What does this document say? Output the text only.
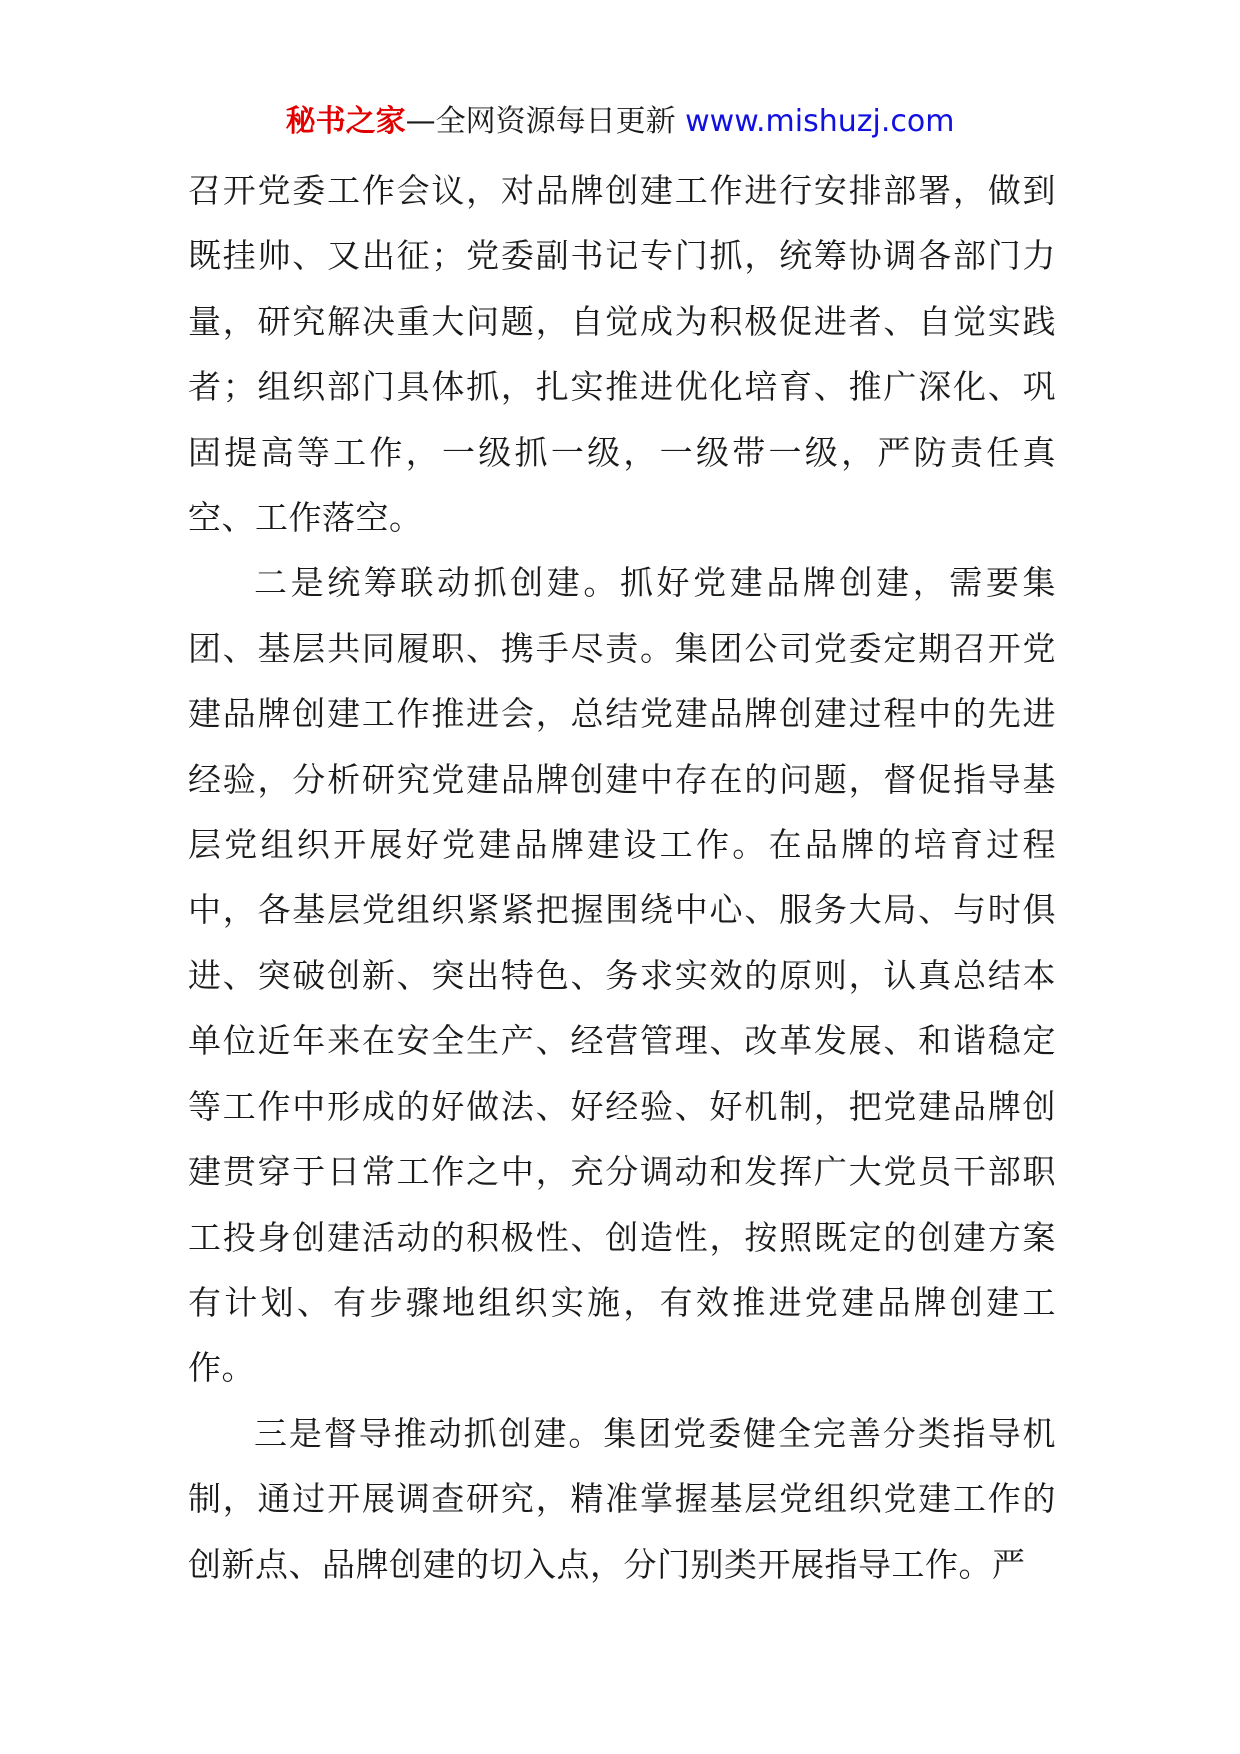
秘书之家—全网资源每日更新 www.mishuzj.com

召开党委工作会议，对品牌创建工作进行安排部署，做到既挂帅、又出征；党委副书记专门抓，统筹协调各部门力量，研究解决重大问题，自觉成为积极促进者、自觉实践者；组织部门具体抓，扎实推进优化培育、推广深化、巩固提高等工作，一级抓一级，一级带一级，严防责任真空、工作落空。

二是统筹联动抓创建。抓好党建品牌创建，需要集团、基层共同履职、携手尽责。集团公司党委定期召开党建品牌创建工作推进会，总结党建品牌创建过程中的先进经验，分析研究党建品牌创建中存在的问题，督促指导基层党组织开展好党建品牌建设工作。在品牌的培育过程中，各基层党组织紧紧把握围绕中心、服务大局、与时俱进、突破创新、突出特色、务求实效的原则，认真总结本单位近年来在安全生产、经营管理、改革发展、和谐稳定等工作中形成的好做法、好经验、好机制，把党建品牌创建贯穿于日常工作之中，充分调动和发挥广大党员干部职工投身创建活动的积极性、创造性，按照既定的创建方案有计划、有步骤地组织实施，有效推进党建品牌创建工作。

三是督导推动抓创建。集团党委健全完善分类指导机制，通过开展调查研究，精准掌握基层党组织党建工作的创新点、品牌创建的切入点，分门别类开展指导工作。严
